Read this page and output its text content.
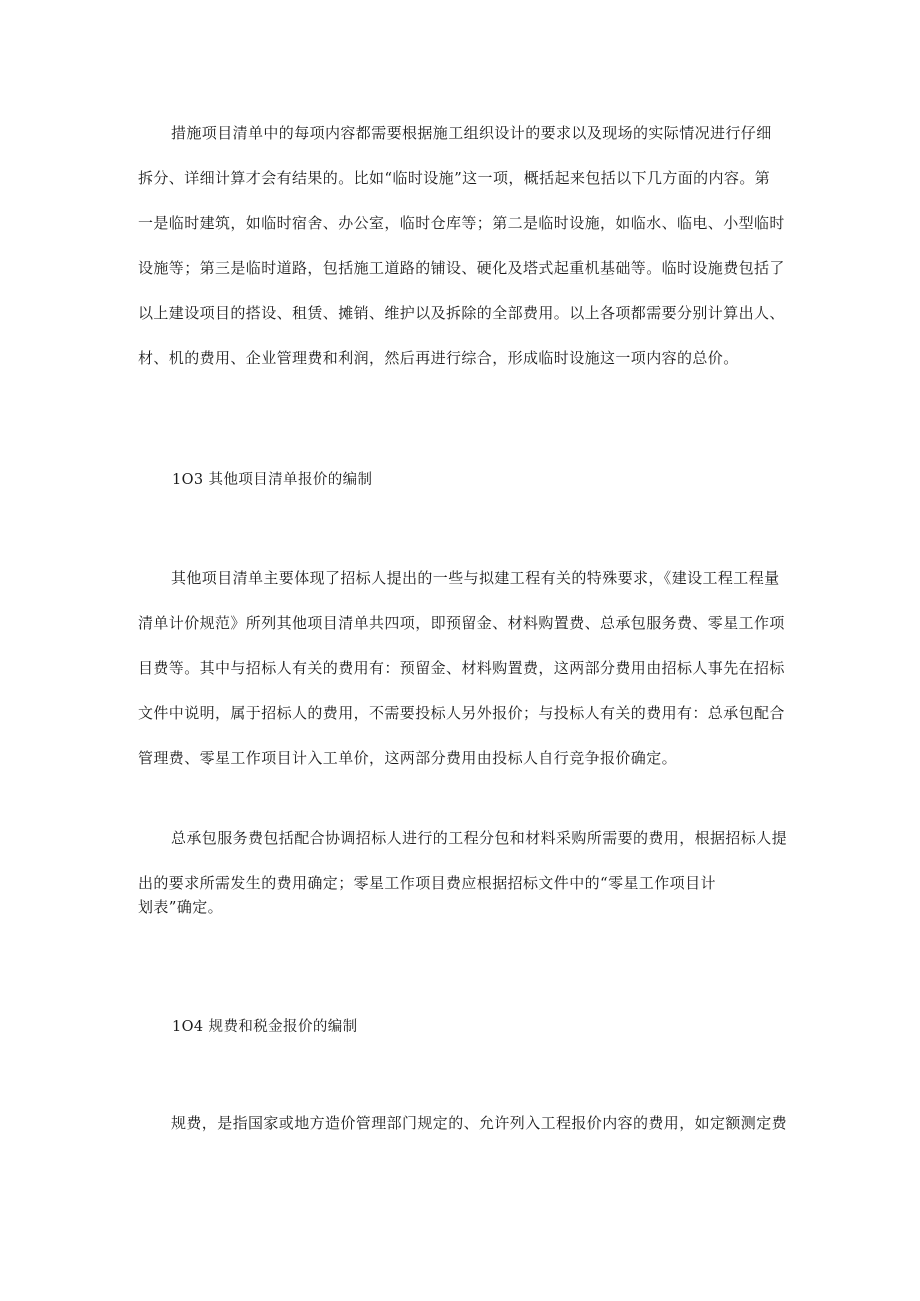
措施项目清单中的每项内容都需要根据施工组织设计的要求以及现场的实际情况进行仔细
拆分、详细计算才会有结果的。比如“临时设施”这一项，概括起来包括以下几方面的内容。第
一是临时建筑，如临时宿舍、办公室，临时仓库等；第二是临时设施，如临水、临电、小型临时
设施等；第三是临时道路，包括施工道路的铺设、硬化及塔式起重机基础等。临时设施费包括了
以上建设项目的搭设、租赁、摊销、维护以及拆除的全部费用。以上各项都需要分别计算出人、
材、机的费用、企业管理费和利润，然后再进行综合，形成临时设施这一项内容的总价。
1O3 其他项目清单报价的编制
其他项目清单主要体现了招标人提出的一些与拟建工程有关的特殊要求，《建设工程工程量
清单计价规范》所列其他项目清单共四项，即预留金、材料购置费、总承包服务费、零星工作项
目费等。其中与招标人有关的费用有：预留金、材料购置费，这两部分费用由招标人事先在招标
文件中说明，属于招标人的费用，不需要投标人另外报价；与投标人有关的费用有：总承包配合
管理费、零星工作项目计入工单价，这两部分费用由投标人自行竞争报价确定。
总承包服务费包括配合协调招标人进行的工程分包和材料采购所需要的费用，根据招标人提
出的要求所需发生的费用确定；零星工作项目费应根据招标文件中的“零星工作项目计
划表”确定。
1O4 规费和税金报价的编制
规费，是指国家或地方造价管理部门规定的、允许列入工程报价内容的费用，如定额测定费
